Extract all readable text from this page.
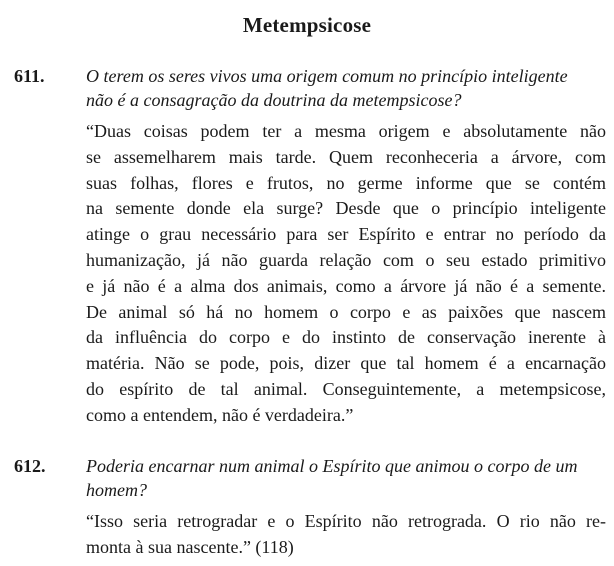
Metempsicose
611. O terem os seres vivos uma origem comum no princípio inteligente
não é a consagração da doutrina da metempsicose?

“Duas coisas podem ter a mesma origem e absolutamente não
se assemelharem mais tarde. Quem reconheceria a árvore, com
suas folhas, flores e frutos, no germe informe que se contém
na semente donde ela surge? Desde que o princípio inteligente
atinge o grau necessário para ser Espírito e entrar no período da
humanização, já não guarda relação com o seu estado primitivo
e já não é a alma dos animais, como a árvore já não é a semente.
De animal só há no homem o corpo e as paixões que nascem
da influência do corpo e do instinto de conservação inerente à
matéria. Não se pode, pois, dizer que tal homem é a encarnação
do espírito de tal animal. Conseguintemente, a metempsicose,
como a entendem, não é verdadeira.”
612. Poderia encarnar num animal o Espírito que animou o corpo de um
homem?

“Isso seria retrogradar e o Espírito não retrograda. O rio não re-
monta à sua nascente.” (118)
